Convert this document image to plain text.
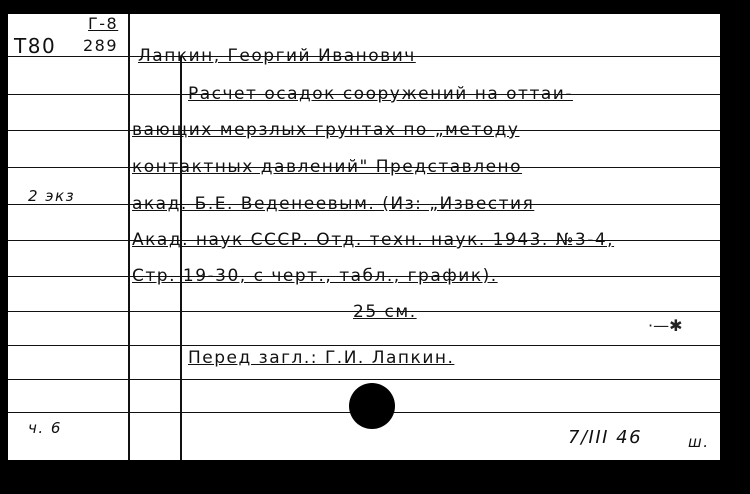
T80
Г-8
289
2 экз
ч. 6
Лапкин, Георгий Иванович
Расчет осадок сооружений на оттаи-
вающих мерзлых грунтах по „методу
контактных давлений" Представлено
акад. Б.Е. Веденеевым. (Из: „Известия
Акад. наук СССР. Отд. техн. наук. 1943. №3-4,
Стр. 19-30, с черт., табл., график).
25 см.
Перед загл.: Г.И. Лапкин.
·—✱
7/III 46	ш.
